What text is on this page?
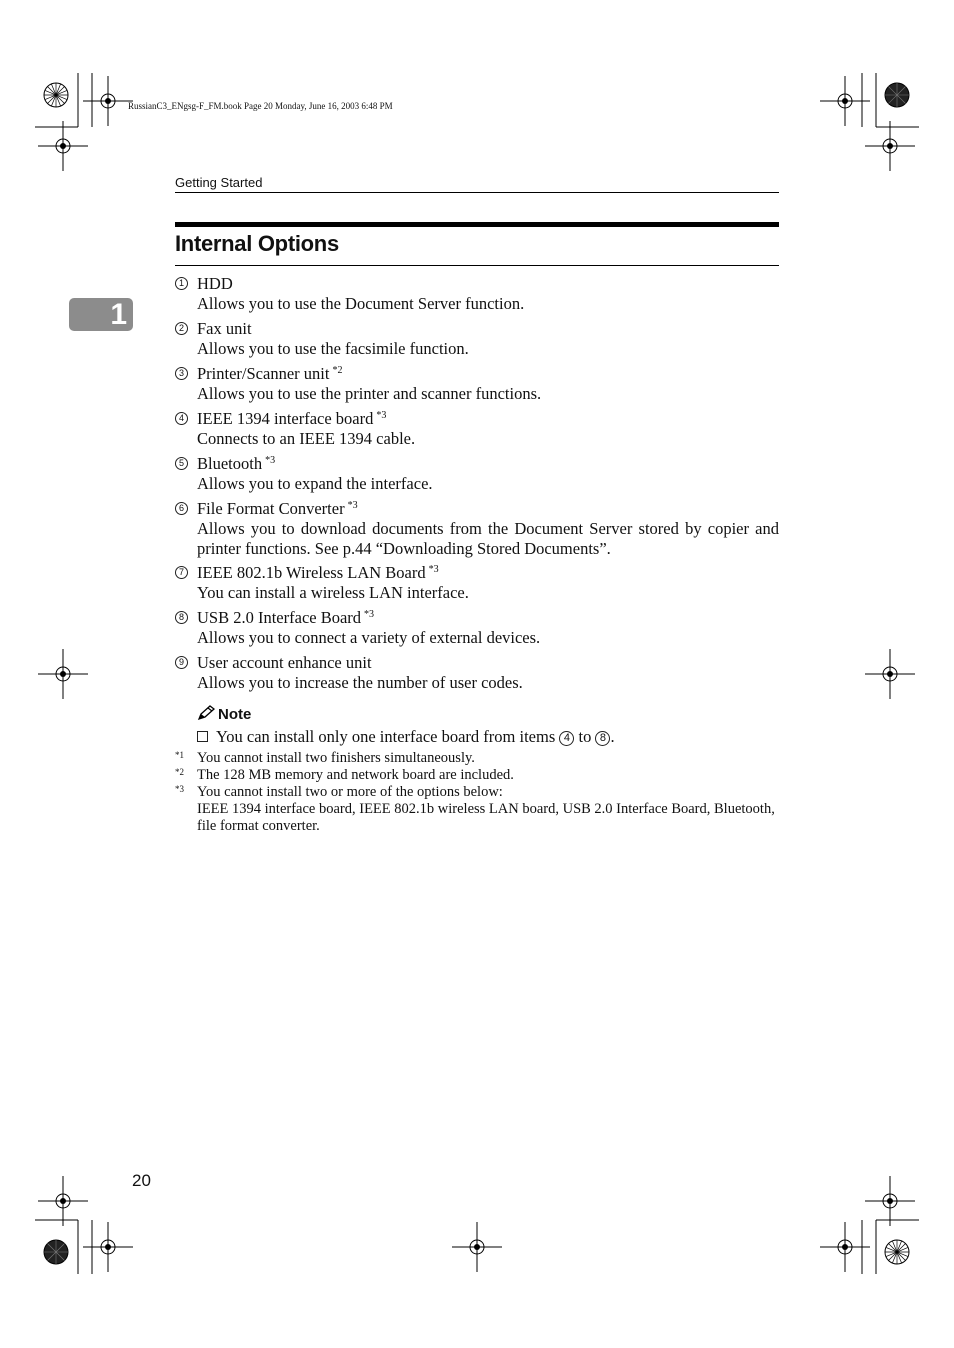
RussianC3_ENgsg-F_FM.book Page 20 Monday, June 16, 2003 6:48 PM
Getting Started
1
Internal Options
1 HDD
Allows you to use the Document Server function.
2 Fax unit
Allows you to use the facsimile function.
3 Printer/Scanner unit $^{*2}$
Allows you to use the printer and scanner functions.
4 IEEE 1394 interface board $^{*3}$
Connects to an IEEE 1394 cable.
5 Bluetooth $^{*3}$
Allows you to expand the interface.
6 File Format Converter $^{*3}$
Allows you to download documents from the Document Server stored by copier and printer functions. See p.44 “Downloading Stored Documents”.
7 IEEE 802.1b Wireless LAN Board $^{*3}$
You can install a wireless LAN interface.
8 USB 2.0 Interface Board $^{*3}$
Allows you to connect a variety of external devices.
9 User account enhance unit
Allows you to increase the number of user codes.
Note
You can install only one interface board from items 4 to 8 .
*1 You cannot install two finishers simultaneously.
*2 The 128 MB memory and network board are included.
*3 You cannot install two or more of the options below:
IEEE 1394 interface board, IEEE 802.1b wireless LAN board, USB 2.0 Interface Board, Bluetooth, file format converter.
20
